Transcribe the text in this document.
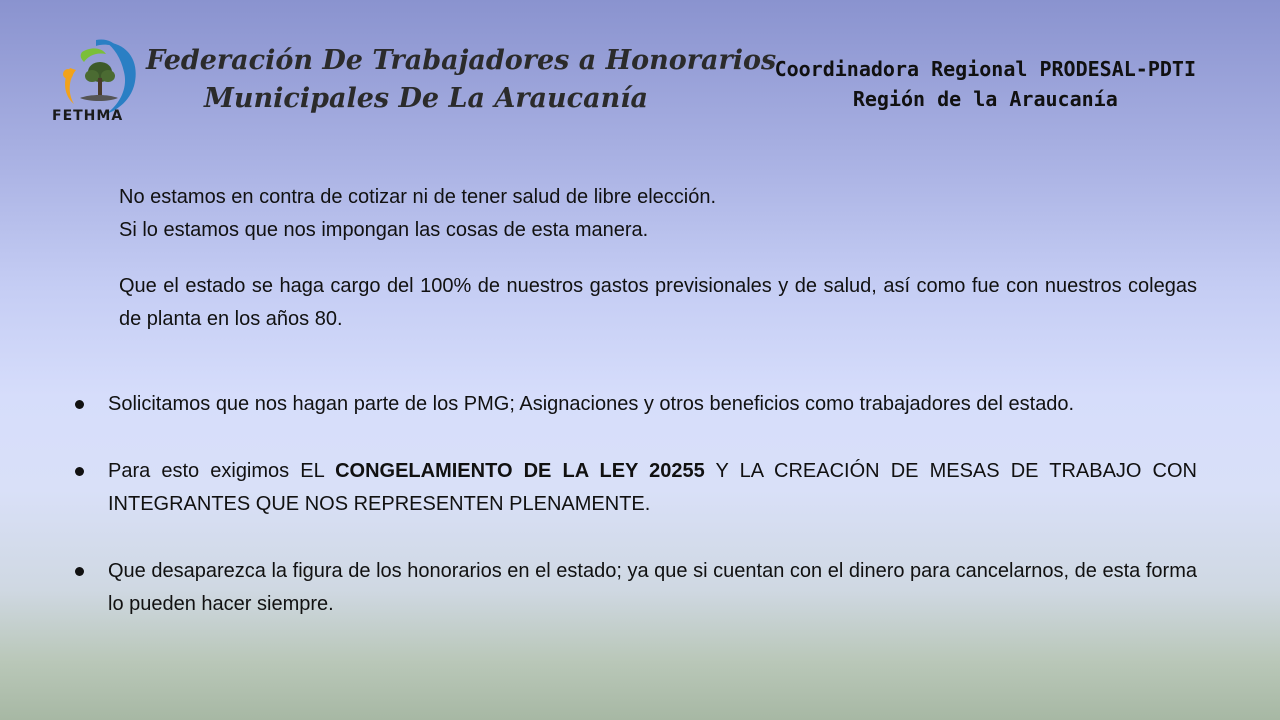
FETHMA
Federación De Trabajadores a Honorarios
Municipales De La Araucanía
Coordinadora Regional PRODESAL-PDTI
Región de la Araucanía

No estamos en contra de cotizar ni de tener salud de libre elección.

Si lo estamos que nos impongan las cosas de esta manera.

Que el estado se haga cargo del 100% de nuestros gastos previsionales y de salud, así como fue con nuestros colegas de planta en los años 80.

Solicitamos que nos hagan parte de los PMG; Asignaciones y otros beneficios como trabajadores del estado.
Para esto exigimos EL CONGELAMIENTO DE LA LEY 20255 Y LA CREACIÓN DE MESAS DE TRABAJO CON INTEGRANTES QUE NOS REPRESENTEN PLENAMENTE.
Que desaparezca la figura de los honorarios en el estado; ya que si cuentan con el dinero para cancelarnos, de esta forma lo pueden hacer siempre.
